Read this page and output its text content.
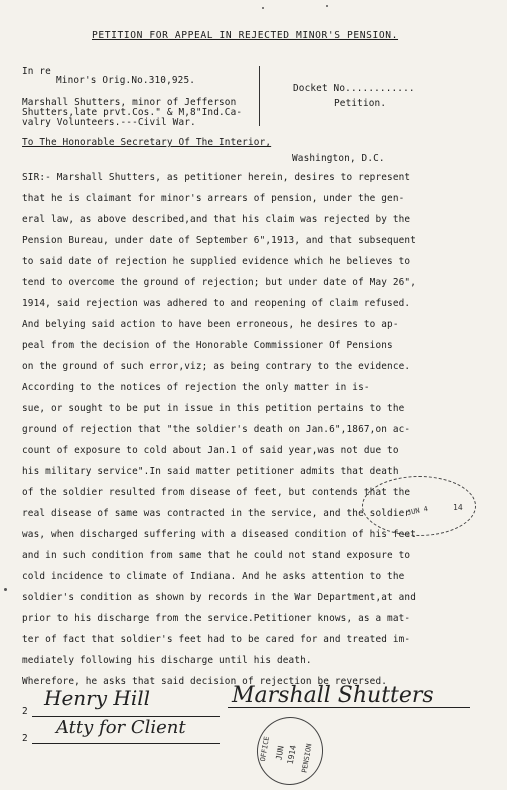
PETITION FOR APPEAL IN REJECTED MINOR'S PENSION.
In re
Minor's Orig.No.310,925.
Marshall Shutters, minor of Jefferson
Shutters,late prvt.Cos." & M,8"Ind.Ca-
valry Volunteers.---Civil War.
Docket No............
Petition.
To The Honorable Secretary Of The Interior,
Washington, D.C.
SIR:- Marshall Shutters, as petitioner herein, desires to represent
that he is claimant for minor's arrears of pension, under the gen-
eral law, as above described,and that his claim was rejected by the
Pension Bureau, under date of September 6",1913, and that subsequent
to said date of rejection he supplied evidence which he believes to
tend to overcome the ground of rejection; but under date of May 26",
1914, said rejection was adhered to and reopening of claim refused.
And belying said action to have been erroneous, he desires to ap-
peal from the decision of the Honorable Commissioner Of Pensions
on the ground of such error,viz; as being contrary to the evidence.
According to the notices of rejection the only matter in is-
sue, or sought to be put in issue in this petition pertains to the
ground of rejection that "the soldier's death on Jan.6",1867,on ac-
count of exposure to cold about Jan.1 of said year,was not due to
his military service".In said matter petitioner admits that death
of the soldier resulted from disease of feet, but contends that the
real disease of same was contracted in the service, and the soldier
was, when discharged suffering with a diseased condition of his feet
and in such condition from same that he could not stand exposure to
cold incidence to climate of Indiana. And he asks attention to the
soldier's condition as shown by records in the War Department,at and
prior to his discharge from the service.Petitioner knows, as a mat-
ter of fact that soldier's feet had to be cared for and treated im-
mediately following his discharge until his death.
Wherefore, he asks that said decision of rejection be reversed.
JUN 4	14
2
Henry Hill
2
Atty for Client
Marshall Shutters
OFFICE JUN 1914 PENSION
